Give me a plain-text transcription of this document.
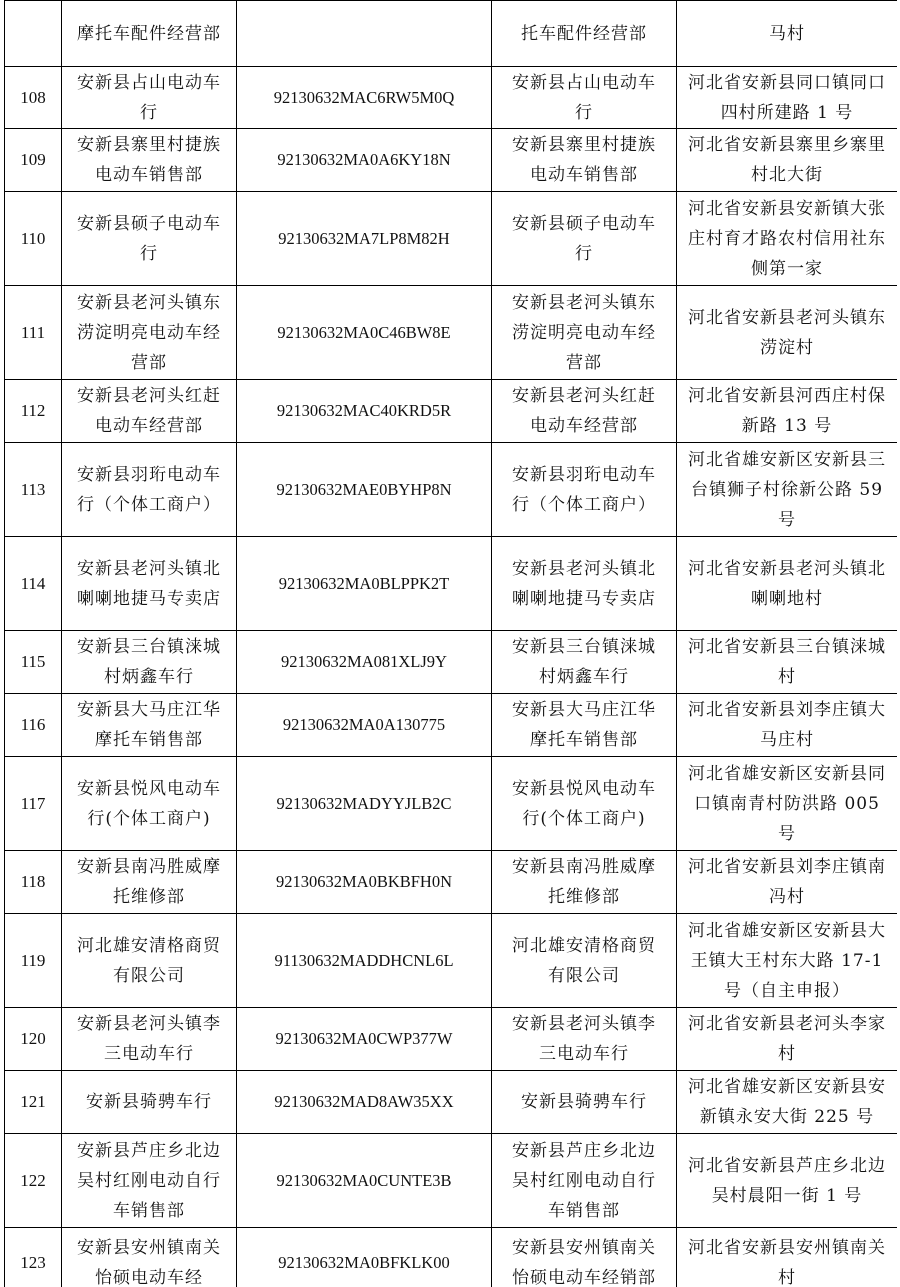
	摩托车配件经营部		托车配件经营部	马村
108	安新县占山电动车行	92130632MAC6RW5M0Q	安新县占山电动车行	河北省安新县同口镇同口四村所建路 1 号
109	安新县寨里村捷族电动车销售部	92130632MA0A6KY18N	安新县寨里村捷族电动车销售部	河北省安新县寨里乡寨里村北大街
110	安新县硕子电动车行	92130632MA7LP8M82H	安新县硕子电动车行	河北省安新县安新镇大张庄村育才路农村信用社东侧第一家
111	安新县老河头镇东涝淀明亮电动车经营部	92130632MA0C46BW8E	安新县老河头镇东涝淀明亮电动车经营部	河北省安新县老河头镇东涝淀村
112	安新县老河头红赶电动车经营部	92130632MAC40KRD5R	安新县老河头红赶电动车经营部	河北省安新县河西庄村保新路 13 号
113	安新县羽珩电动车行（个体工商户）	92130632MAE0BYHP8N	安新县羽珩电动车行（个体工商户）	河北省雄安新区安新县三台镇狮子村徐新公路 59 号
114	安新县老河头镇北喇喇地捷马专卖店	92130632MA0BLPPK2T	安新县老河头镇北喇喇地捷马专卖店	河北省安新县老河头镇北喇喇地村
115	安新县三台镇涞城村炳鑫车行	92130632MA081XLJ9Y	安新县三台镇涞城村炳鑫车行	河北省安新县三台镇涞城村
116	安新县大马庄江华摩托车销售部	92130632MA0A130775	安新县大马庄江华摩托车销售部	河北省安新县刘李庄镇大马庄村
117	安新县悦风电动车行(个体工商户)	92130632MADYYJLB2C	安新县悦风电动车行(个体工商户)	河北省雄安新区安新县同口镇南青村防洪路 005 号
118	安新县南冯胜威摩托维修部	92130632MA0BKBFH0N	安新县南冯胜威摩托维修部	河北省安新县刘李庄镇南冯村
119	河北雄安清格商贸有限公司	91130632MADDHCNL6L	河北雄安清格商贸有限公司	河北省雄安新区安新县大王镇大王村东大路 17-1 号（自主申报）
120	安新县老河头镇李三电动车行	92130632MA0CWP377W	安新县老河头镇李三电动车行	河北省安新县老河头李家村
121	安新县骑骋车行	92130632MAD8AW35XX	安新县骑骋车行	河北省雄安新区安新县安新镇永安大街 225 号
122	安新县芦庄乡北边吴村红刚电动自行车销售部	92130632MA0CUNTE3B	安新县芦庄乡北边吴村红刚电动自行车销售部	河北省安新县芦庄乡北边吴村晨阳一街 1 号
123	安新县安州镇南关怡硕电动车经	92130632MA0BFKLK00	安新县安州镇南关怡硕电动车经销部	河北省安新县安州镇南关村
